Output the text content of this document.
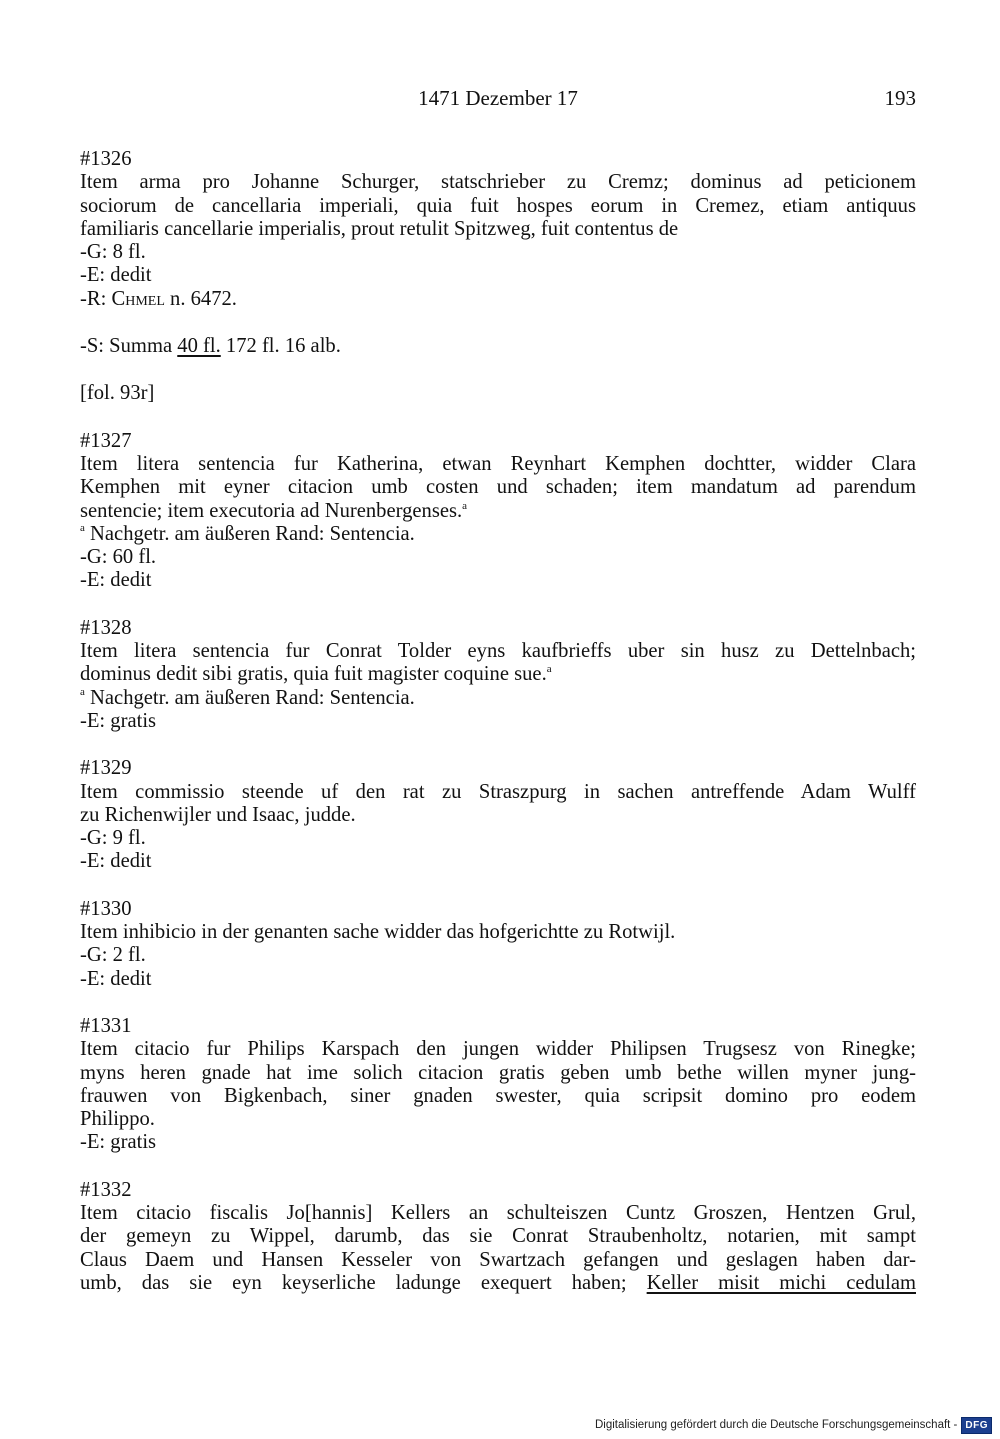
1471 Dezember 17	193
#1326
Item arma pro Johanne Schurger, statschrieber zu Cremz; dominus ad peticionem
sociorum de cancellaria imperiali, quia fuit hospes eorum in Cremez, etiam antiquus
familiaris cancellarie imperialis, prout retulit Spitzweg, fuit contentus de
-G: 8 fl.
-E: dedit
-R: Chmel n. 6472.
-S: Summa 40 fl. 172 fl. 16 alb.
[fol. 93r]
#1327
Item litera sentencia fur Katherina, etwan Reynhart Kemphen dochtter, widder Clara
Kemphen mit eyner citacion umb costen und schaden; item mandatum ad parendum
sentencie; item executoria ad Nurenbergenses.$^a$
$^a$ Nachgetr. am äußeren Rand: Sentencia.
-G: 60 fl.
-E: dedit
#1328
Item litera sentencia fur Conrat Tolder eyns kaufbrieffs uber sin husz zu Dettelnbach;
dominus dedit sibi gratis, quia fuit magister coquine sue.$^a$
$^a$ Nachgetr. am äußeren Rand: Sentencia.
-E: gratis
#1329
Item commissio steende uf den rat zu Straszpurg in sachen antreffende Adam Wulff
zu Richenwijler und Isaac, judde.
-G: 9 fl.
-E: dedit
#1330
Item inhibicio in der genanten sache widder das hofgerichtte zu Rotwijl.
-G: 2 fl.
-E: dedit
#1331
Item citacio fur Philips Karspach den jungen widder Philipsen Trugsesz von Rinegke;
myns heren gnade hat ime solich citacion gratis geben umb bethe willen myner jung-
frauwen von Bigkenbach, siner gnaden swester, quia scripsit domino pro eodem
Philippo.
-E: gratis
#1332
Item citacio fiscalis Jo[hannis] Kellers an schulteiszen Cuntz Groszen, Hentzen Grul,
der gemeyn zu Wippel, darumb, das sie Conrat Straubenholtz, notarien, mit sampt
Claus Daem und Hansen Kesseler von Swartzach gefangen und geslagen haben dar-
umb, das sie eyn keyserliche ladunge exequert haben; Keller misit michi cedulam
Digitalisierung gefördert durch die Deutsche Forschungsgemeinschaft - DFG
